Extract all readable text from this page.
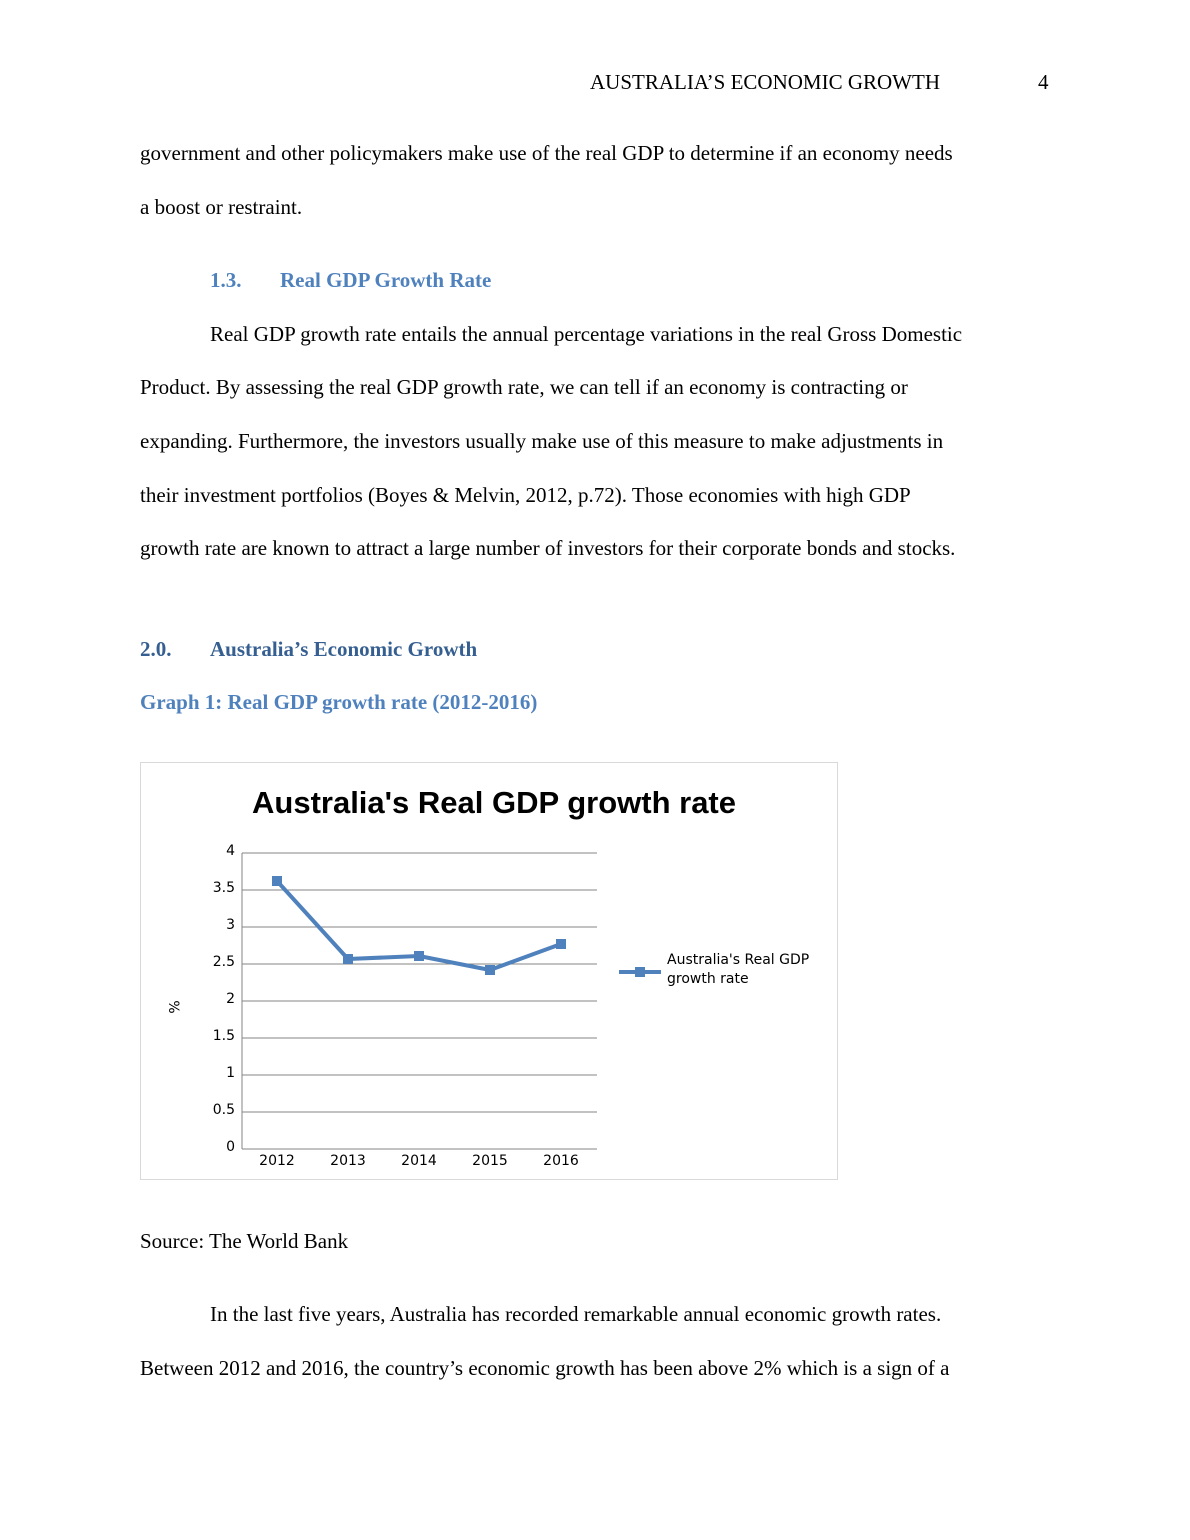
AUSTRALIA’S ECONOMIC GROWTH	4
government and other policymakers make use of the real GDP to determine if an economy needs
a boost or restraint.
1.3. Real GDP Growth Rate
Real GDP growth rate entails the annual percentage variations in the real Gross Domestic
Product. By assessing the real GDP growth rate, we can tell if an economy is contracting or
expanding. Furthermore, the investors usually make use of this measure to make adjustments in
their investment portfolios (Boyes & Melvin, 2012, p.72). Those economies with high GDP
growth rate are known to attract a large number of investors for their corporate bonds and stocks.
2.0. Australia’s Economic Growth
Graph 1: Real GDP growth rate (2012-2016)
Australia's Real GDP growth rate
4
3.5
3
2.5
2
1.5
1
0.5
0
2012	2013	2014	2015	2016
%
Australia's Real GDP growth rate
Source: The World Bank
In the last five years, Australia has recorded remarkable annual economic growth rates.
Between 2012 and 2016, the country’s economic growth has been above 2% which is a sign of a
